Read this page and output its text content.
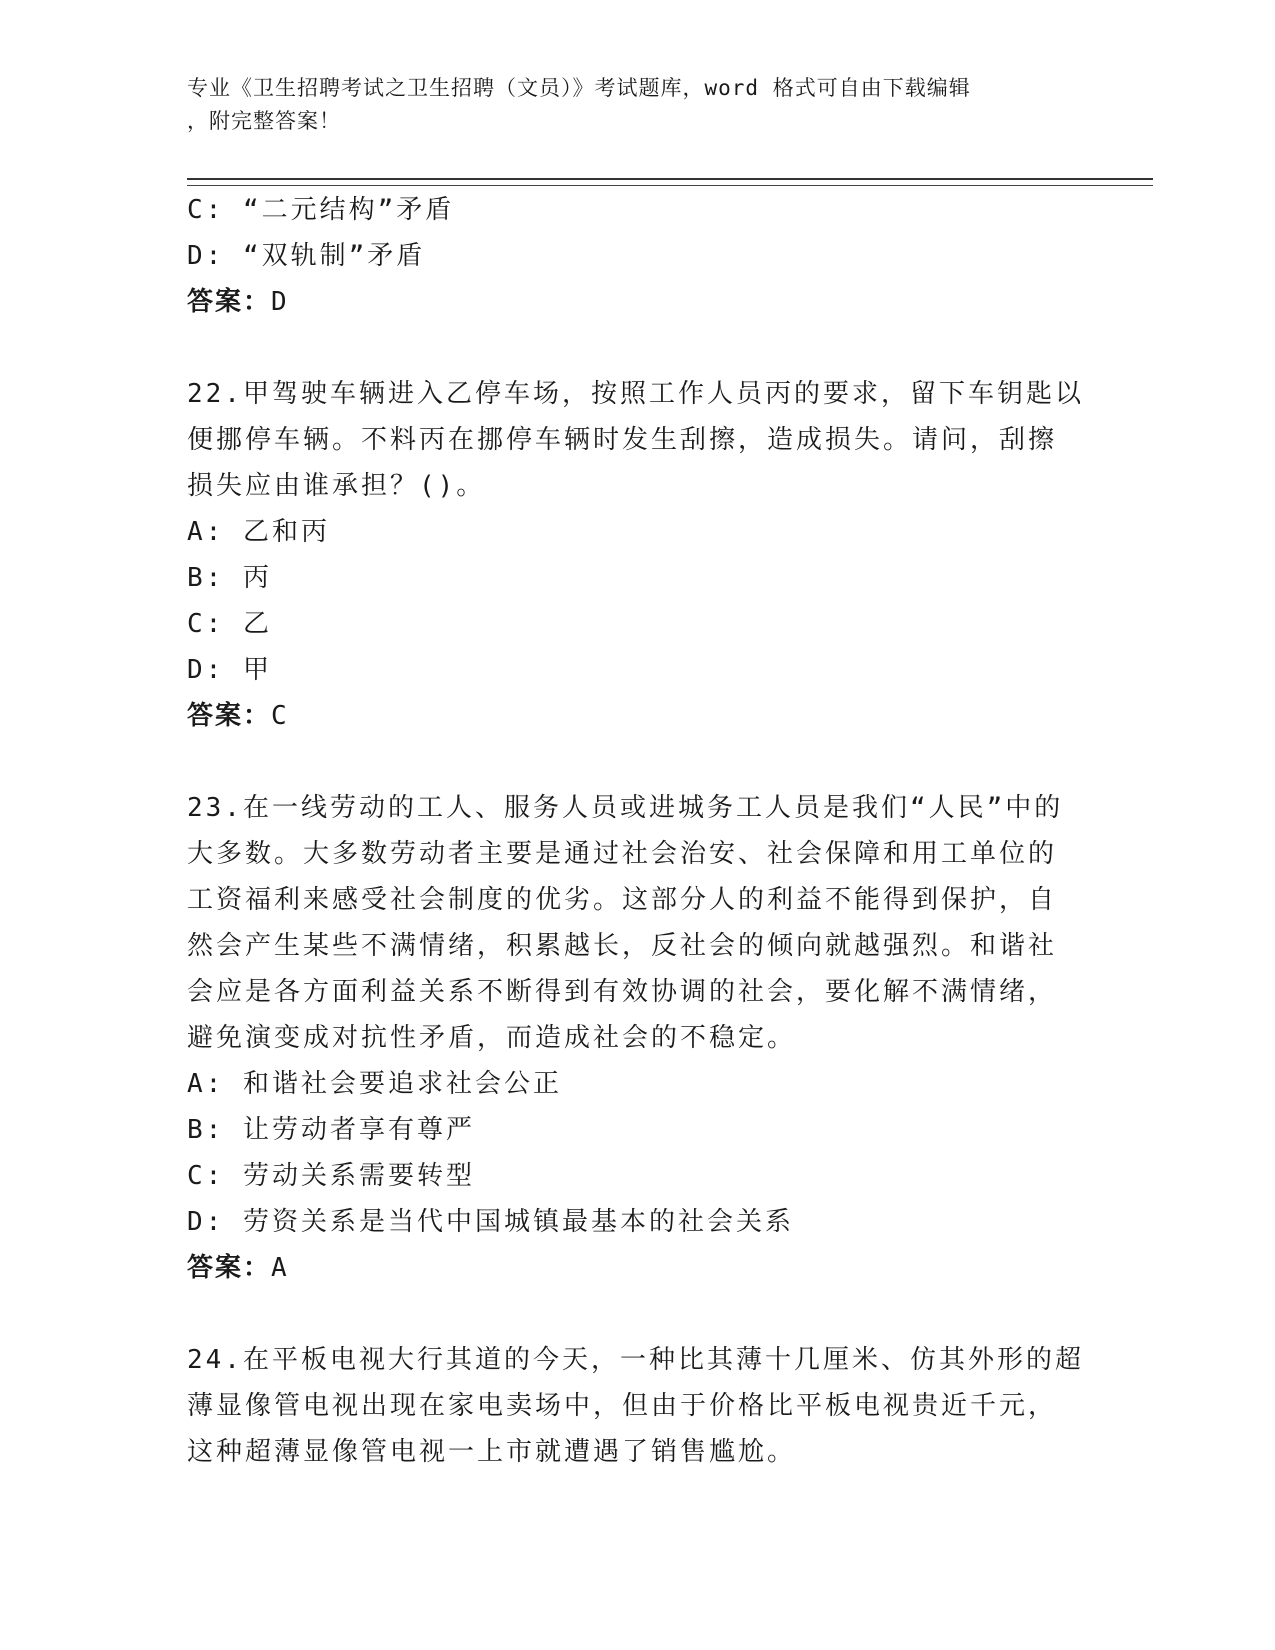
专业《卫生招聘考试之卫生招聘（文员）》考试题库，word 格式可自由下载编辑
，附完整答案！
C: “二元结构”矛盾
D: “双轨制”矛盾
答案：D
22.甲驾驶车辆进入乙停车场，按照工作人员丙的要求，留下车钥匙以
便挪停车辆。不料丙在挪停车辆时发生刮擦，造成损失。请问，刮擦
损失应由谁承担？()。
A: 乙和丙
B: 丙
C: 乙
D: 甲
答案：C
23.在一线劳动的工人、服务人员或进城务工人员是我们“人民”中的
大多数。大多数劳动者主要是通过社会治安、社会保障和用工单位的
工资福利来感受社会制度的优劣。这部分人的利益不能得到保护，自
然会产生某些不满情绪，积累越长，反社会的倾向就越强烈。和谐社
会应是各方面利益关系不断得到有效协调的社会，要化解不满情绪，
避免演变成对抗性矛盾，而造成社会的不稳定。
A: 和谐社会要追求社会公正
B: 让劳动者享有尊严
C: 劳动关系需要转型
D: 劳资关系是当代中国城镇最基本的社会关系
答案：A
24.在平板电视大行其道的今天，一种比其薄十几厘米、仿其外形的超
薄显像管电视出现在家电卖场中，但由于价格比平板电视贵近千元，
这种超薄显像管电视一上市就遭遇了销售尴尬。
